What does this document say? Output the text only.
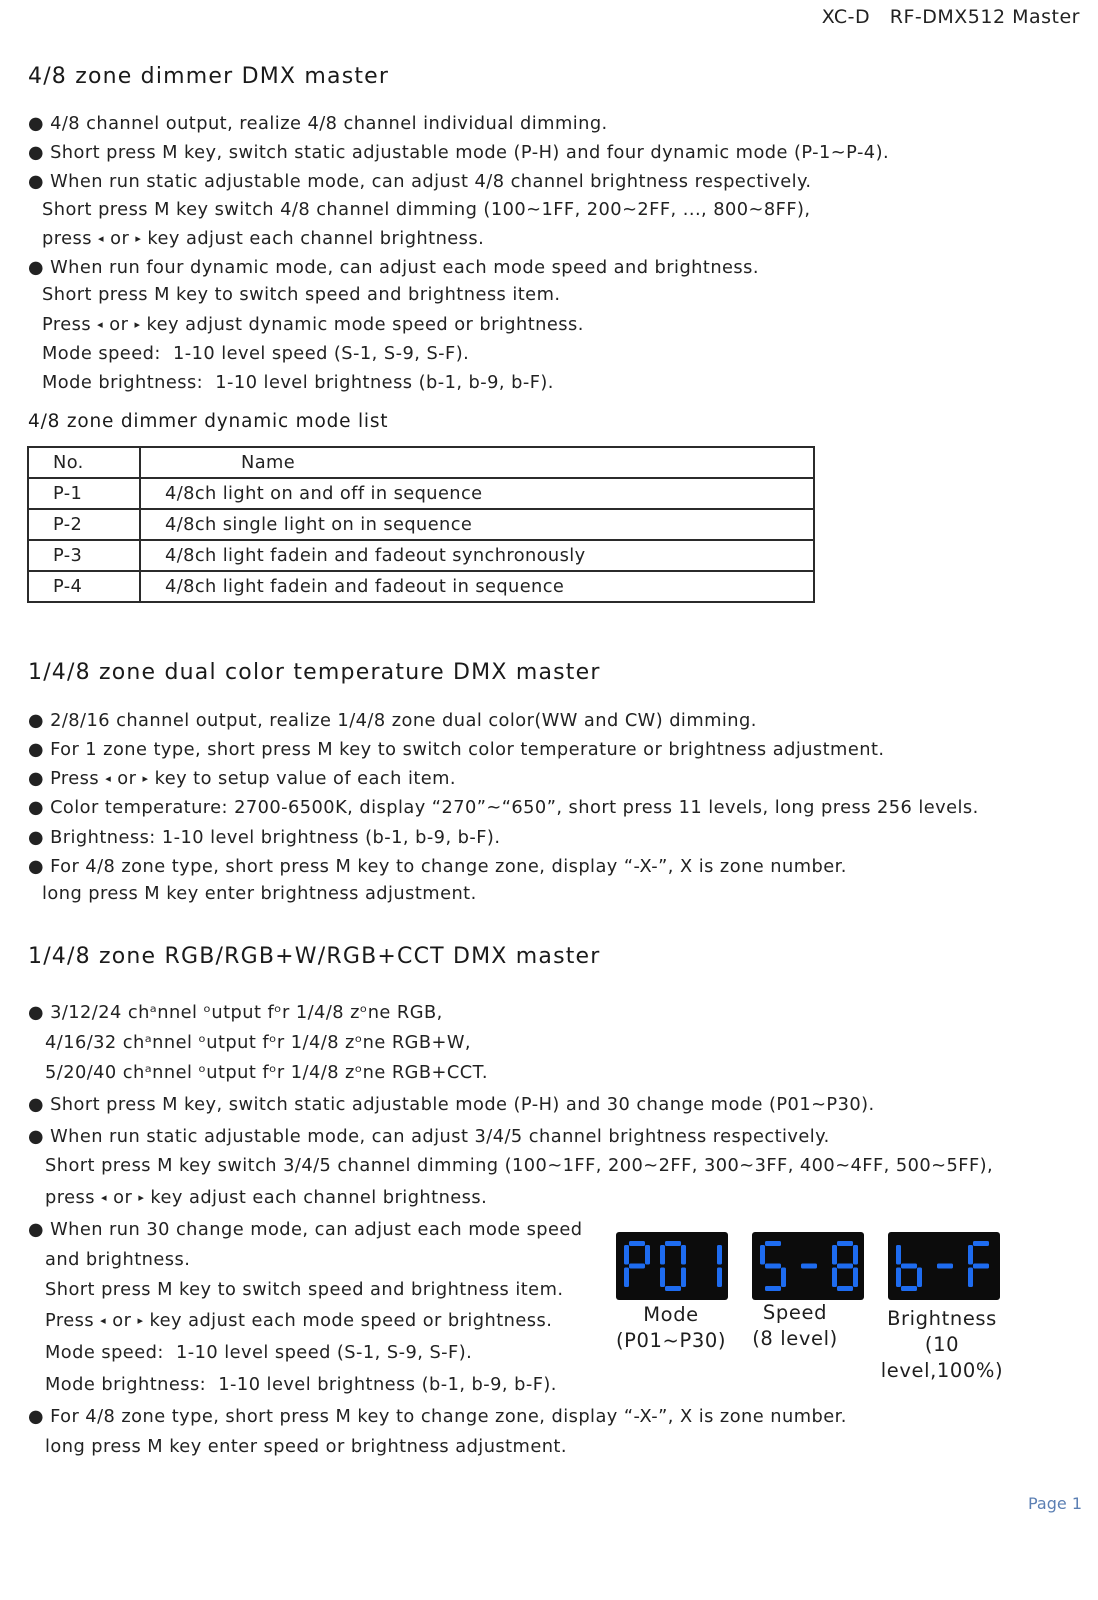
XC-D   RF-DMX512 Master
4/8 zone dimmer DMX master
● 4/8 channel output, realize 4/8 channel individual dimming.
● Short press M key, switch static adjustable mode (P-H) and four dynamic mode (P-1~P-4).
● When run static adjustable mode, can adjust 4/8 channel brightness respectively.
Short press M key switch 4/8 channel dimming (100~1FF, 200~2FF, ..., 800~8FF),
press ◂ or ▸ key adjust each channel brightness.
● When run four dynamic mode, can adjust each mode speed and brightness.
Short press M key to switch speed and brightness item.
Press ◂ or ▸ key adjust dynamic mode speed or brightness.
Mode speed:  1-10 level speed (S-1, S-9, S-F).
Mode brightness:  1-10 level brightness (b-1, b-9, b-F).
4/8 zone dimmer dynamic mode list
No.	Name
P-1	4/8ch light on and off in sequence
P-2	4/8ch single light on in sequence
P-3	4/8ch light fadein and fadeout synchronously
P-4	4/8ch light fadein and fadeout in sequence
1/4/8 zone dual color temperature DMX master
● 2/8/16 channel output, realize 1/4/8 zone dual color(WW and CW) dimming.
● For 1 zone type, short press M key to switch color temperature or brightness adjustment.
● Press ◂ or ▸ key to setup value of each item.
● Color temperature: 2700-6500K, display “270”~“650”, short press 11 levels, long press 256 levels.
● Brightness: 1-10 level brightness (b-1, b-9, b-F).
● For 4/8 zone type, short press M key to change zone, display “-X-”, X is zone number.
long press M key enter brightness adjustment.
1/4/8 zone RGB/RGB+W/RGB+CCT DMX master
● 3/12/24 chᵃnnel ᵒutput fᵒr 1/4/8 zᵒne RGB,
4/16/32 chᵃnnel ᵒutput fᵒr 1/4/8 zᵒne RGB+W,
5/20/40 chᵃnnel ᵒutput fᵒr 1/4/8 zᵒne RGB+CCT.
● Short press M key, switch static adjustable mode (P-H) and 30 change mode (P01~P30).
● When run static adjustable mode, can adjust 3/4/5 channel brightness respectively.
Short press M key switch 3/4/5 channel dimming (100~1FF, 200~2FF, 300~3FF, 400~4FF, 500~5FF),
press ◂ or ▸ key adjust each channel brightness.
● When run 30 change mode, can adjust each mode speed
and brightness.
Short press M key to switch speed and brightness item.
Press ◂ or ▸ key adjust each mode speed or brightness.
Mode speed:  1-10 level speed (S-1, S-9, S-F).
Mode brightness:  1-10 level brightness (b-1, b-9, b-F).
● For 4/8 zone type, short press M key to change zone, display “-X-”, X is zone number.
long press M key enter speed or brightness adjustment.
Mode
(P01~P30)
Speed
(8 level)
Brightness
(10 level,100%)
Page 1
